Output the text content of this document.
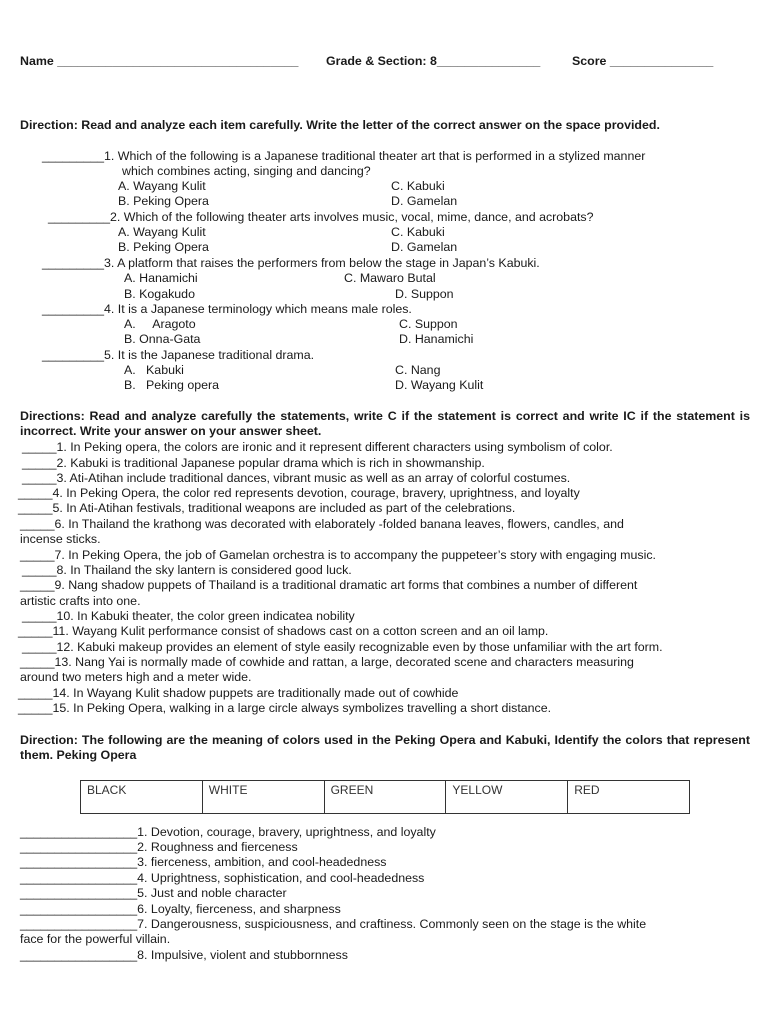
Name ___________________________________ Grade & Section: 8_______________	Score _______________
Direction: Read and analyze each item carefully. Write the letter of the correct answer on the space provided.
_________1. Which of the following is a Japanese traditional theater art that is performed in a stylized manner
which combines acting, singing and dancing?
A. Wayang Kulit	C. Kabuki
B. Peking Opera	D. Gamelan
_________2. Which of the following theater arts involves music, vocal, mime, dance, and acrobats?
A. Wayang Kulit	C. Kabuki
B. Peking Opera	D. Gamelan
_________3. A platform that raises the performers from below the stage in Japan’s Kabuki.
A. Hanamichi	C. Mawaro Butal
B. Kogakudo	D. Suppon
_________4. It is a Japanese terminology which means male roles.
A.     Aragoto	C. Suppon
B. Onna-Gata	D. Hanamichi
_________5. It is the Japanese traditional drama.
A.   Kabuki	C. Nang
B.   Peking opera	D. Wayang Kulit
Directions: Read and analyze carefully the statements, write C if the statement is correct and write IC if the statement is incorrect. Write your answer on your answer sheet.
_____1. In Peking opera, the colors are ironic and it represent different characters using symbolism of color.
_____2. Kabuki is traditional Japanese popular drama which is rich in showmanship.
_____3. Ati-Atihan include traditional dances, vibrant music as well as an array of colorful costumes.
_____4. In Peking Opera, the color red represents devotion, courage, bravery, uprightness, and loyalty
_____5. In Ati-Atihan festivals, traditional weapons are included as part of the celebrations.
_____6. In Thailand the krathong was decorated with elaborately -folded banana leaves, flowers, candles, and
incense sticks.
_____7. In Peking Opera, the job of Gamelan orchestra is to accompany the puppeteer’s story with engaging music.
_____8. In Thailand the sky lantern is considered good luck.
_____9. Nang shadow puppets of Thailand is a traditional dramatic art forms that combines a number of different
artistic crafts into one.
_____10. In Kabuki theater, the color green indicatea nobility
_____11. Wayang Kulit performance consist of shadows cast on a cotton screen and an oil lamp.
_____12. Kabuki makeup provides an element of style easily recognizable even by those unfamiliar with the art form.
_____13. Nang Yai is normally made of cowhide and rattan, a large, decorated scene and characters measuring
around two meters high and a meter wide.
_____14. In Wayang Kulit shadow puppets are traditionally made out of cowhide
_____15. In Peking Opera, walking in a large circle always symbolizes travelling a short distance.
Direction: The following are the meaning of colors used in the Peking Opera and Kabuki, Identify the colors that represent them. Peking Opera
BLACK	WHITE	GREEN	YELLOW	RED
_________________1. Devotion, courage, bravery, uprightness, and loyalty
_________________2. Roughness and fierceness
_________________3. fierceness, ambition, and cool-headedness
_________________4. Uprightness, sophistication, and cool-headedness
_________________5. Just and noble character
_________________6. Loyalty, fierceness, and sharpness
_________________7. Dangerousness, suspiciousness, and craftiness. Commonly seen on the stage is the white
face for the powerful villain.
_________________8. Impulsive, violent and stubbornness
